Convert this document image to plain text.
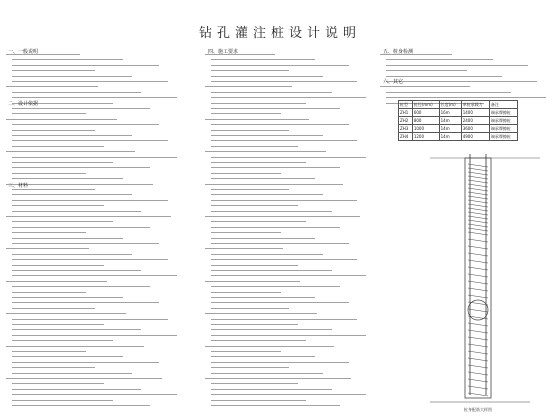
钻孔灌注桩设计说明
一、一般说明
二、设计依据
三、材料
四、施工要求	五、桩身检测
六、其它
桩型	桩径(mm)	长度(m)	单桩承载力	备注
ZH1	600	16m	1400	端承摩擦桩
ZH2	800	14m	2400	端承摩擦桩
ZH3	1000	14m	3600	端承摩擦桩
ZH4	1200	14m	4900	端承摩擦桩
桩身配筋大样图
